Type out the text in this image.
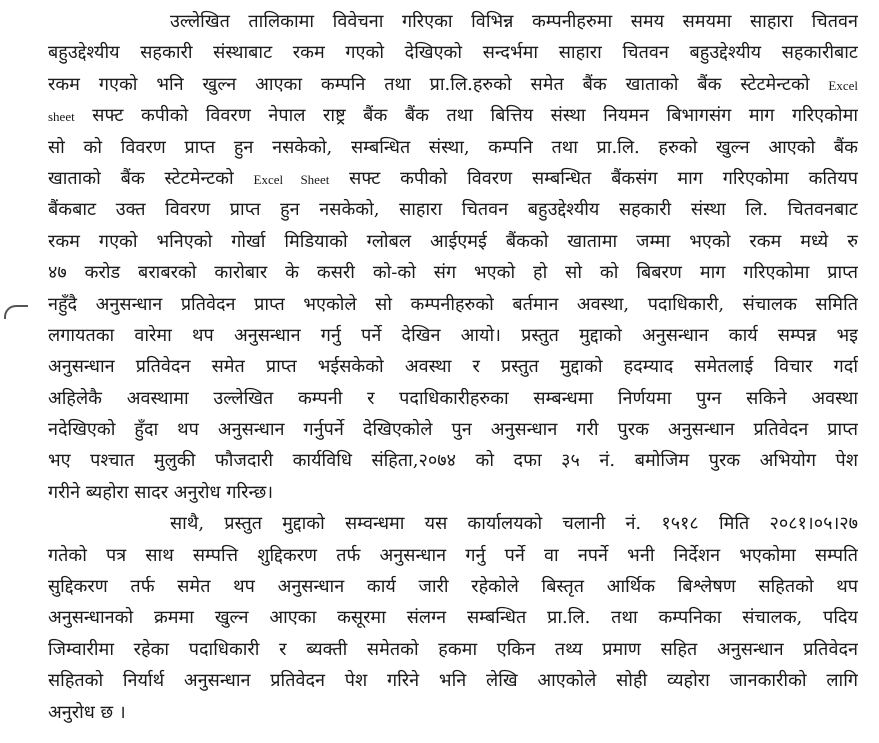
उल्लेखित तालिकामा विवेचना गरिएका विभिन्न कम्पनीहरुमा समय समयमा साहारा चितवन
बहुउद्देश्यीय सहकारी संस्थाबाट रकम गएको देखिएको सन्दर्भमा साहारा चितवन बहुउद्देश्यीय सहकारीबाट
रकम गएको भनि खुल्न आएका कम्पनि तथा प्रा.लि.हरुको समेत बैंक खाताको बैंक स्टेटमेन्टको Excel
sheet सफ्ट कपीको विवरण नेपाल राष्ट्र बैंक बैंक तथा बित्तिय संस्था नियमन बिभागसंग माग गरिएकोमा
सो को विवरण प्राप्त हुन नसकेको, सम्बन्धित संस्था, कम्पनि तथा प्रा.लि. हरुको खुल्न आएको बैंक
खाताको बैंक स्टेटमेन्टको Excel Sheet सफ्ट कपीको विवरण सम्बन्धित बैंकसंग माग गरिएकोमा कतियप
बैंकबाट उक्त विवरण प्राप्त हुन नसकेको, साहारा चितवन बहुउद्देश्यीय सहकारी संस्था लि. चितवनबाट
रकम गएको भनिएको गोर्खा मिडियाको ग्लोबल आईएमई बैंकको खातामा जम्मा भएको रकम मध्ये रु
४७ करोड बराबरको कारोबार के कसरी को-को संग भएको हो सो को बिबरण माग गरिएकोमा प्राप्त
नहुँदै अनुसन्धान प्रतिवेदन प्राप्त भएकोले सो कम्पनीहरुको बर्तमान अवस्था, पदाधिकारी, संचालक समिति
लगायतका वारेमा थप अनुसन्धान गर्नु पर्ने देखिन आयो। प्रस्तुत मुद्दाको अनुसन्धान कार्य सम्पन्न भइ
अनुसन्धान प्रतिवेदन समेत प्राप्त भईसकेको अवस्था र प्रस्तुत मुद्दाको हदम्याद समेतलाई विचार गर्दा
अहिलेकै अवस्थामा उल्लेखित कम्पनी र पदाधिकारीहरुका सम्बन्धमा निर्णयमा पुग्न सकिने अवस्था
नदेखिएको हुँदा थप अनुसन्धान गर्नुपर्ने देखिएकोले पुन अनुसन्धान गरी पुरक अनुसन्धान प्रतिवेदन प्राप्त
भए पश्चात मुलुकी फौजदारी कार्यविधि संहिता,२०७४ को दफा ३५ नं. बमोजिम पुरक अभियोग पेश
गरीने ब्यहोरा सादर अनुरोध गरिन्छ।
साथै, प्रस्तुत मुद्दाको सम्वन्धमा यस कार्यालयको चलानी नं. १५१८ मिति २०८१।०५।२७
गतेको पत्र साथ सम्पत्ति शुद्दिकरण तर्फ अनुसन्धान गर्नु पर्ने वा नपर्ने भनी निर्देशन भएकोमा सम्पति
सुद्दिकरण तर्फ समेत थप अनुसन्धान कार्य जारी रहेकोले बिस्तृत आर्थिक बिश्लेषण सहितको थप
अनुसन्धानको क्रममा खुल्न आएका कसूरमा संलग्न सम्बन्धित प्रा.लि. तथा कम्पनिका संचालक, पदिय
जिम्वारीमा रहेका पदाधिकारी र ब्यक्ती समेतको हकमा एकिन तथ्य प्रमाण सहित अनुसन्धान प्रतिवेदन
सहितको निर्यार्थ अनुसन्धान प्रतिवेदन पेश गरिने भनि लेखि आएकोले सोही व्यहोरा जानकारीको लागि
अनुरोध छ ।
